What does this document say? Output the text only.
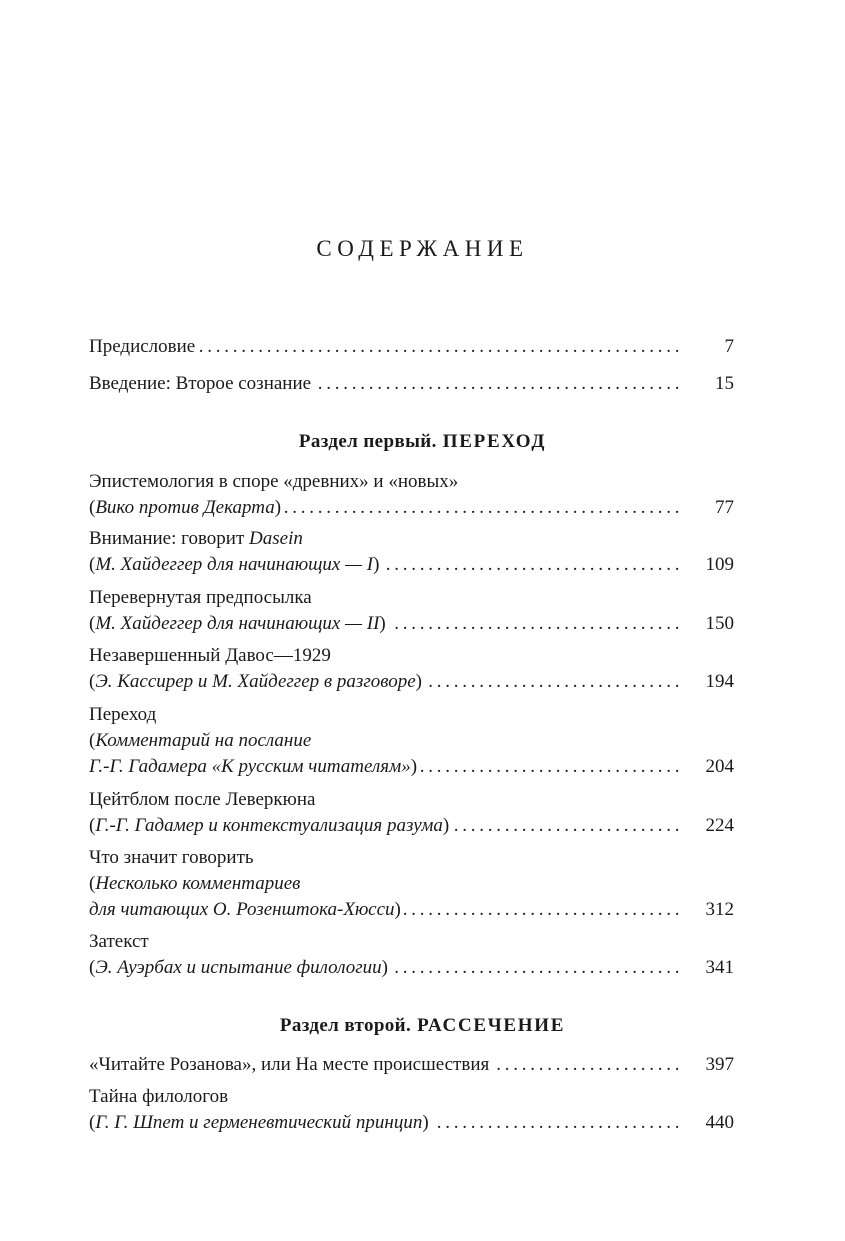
СОДЕРЖАНИЕ
Предисловие . . .	7
Введение: Второе сознание . . .	15
Раздел первый. ПЕРЕХОД
Эпистемология в споре «древних» и «новых»
(Вико против Декарта) . . .	77
Внимание: говорит Dasein
(М. Хайдеггер для начинающих — I) . . .	109
Перевернутая предпосылка
(М. Хайдеггер для начинающих — II) . . .	150
Незавершенный Давос—1929
(Э. Кассирер и М. Хайдеггер в разговоре) . . .	194
Переход
(Комментарий на послание
Г.-Г. Гадамера «К русским читателям») . . .	204
Цейтблом после Леверкюна
(Г.-Г. Гадамер и контекстуализация разума) . . .	224
Что значит говорить
(Несколько комментариев
для читающих О. Розенштока-Хюсси) . . .	312
Затекст
(Э. Ауэрбах и испытание филологии) . . .	341
Раздел второй. РАССЕЧЕНИЕ
«Читайте Розанова», или На месте происшествия . . .	397
Тайна филологов
(Г. Г. Шпет и герменевтический принцип) . . .	440
